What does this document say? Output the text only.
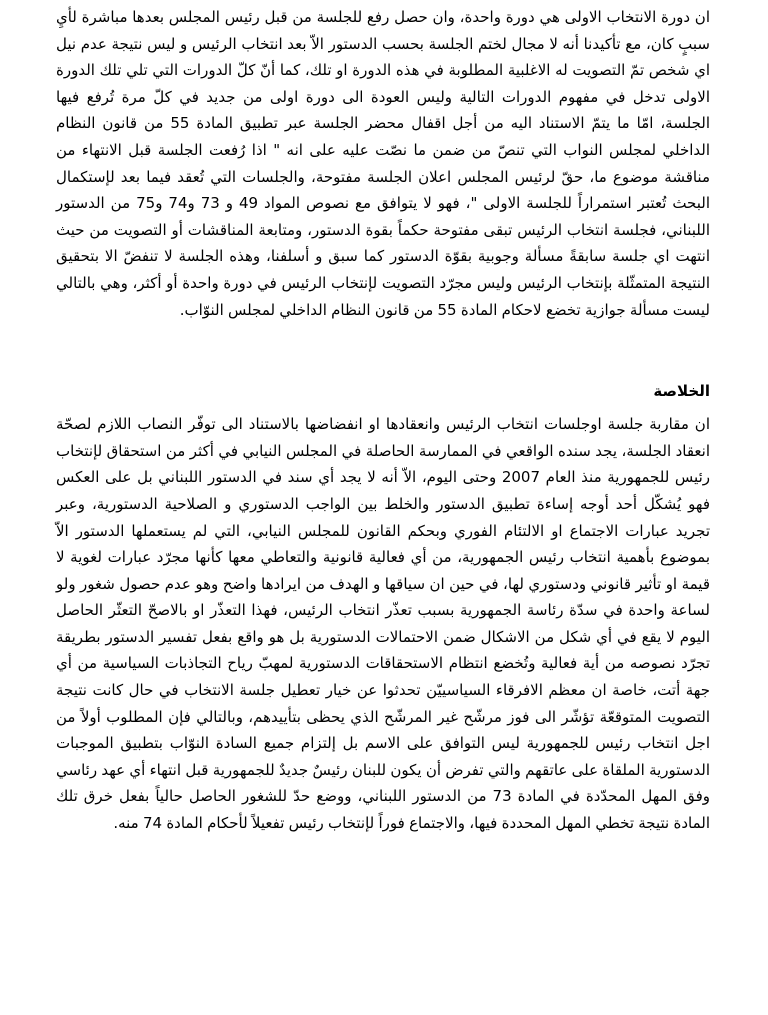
ان دورة الانتخاب الاولى هي دورة واحدة، وان حصل رفع للجلسة من قبل رئيس المجلس بعدها مباشرة لأيِ سببٍ كان، مع تأكيدنا أنه لا مجال لختم الجلسة بحسب الدستور الاّ بعد انتخاب الرئيس و ليس نتيجة عدم نيل اي شخص تمّ التصويت له الاغلبية المطلوبة في هذه الدورة او تلك، كما أنّ كلّ الدورات التي تلي تلك الدورة الاولى تدخل في مفهوم الدورات التالية وليس العودة الى دورة اولى من جديد في كلّ مرة تُرفع فيها الجلسة، امّا ما يتمّ الاستناد اليه من أجل اقفال محضر الجلسة عبر تطبيق المادة 55 من قانون النظام الداخلي لمجلس النواب التي تنصّ من ضمن ما نصّت عليه على انه " اذا رُفعت الجلسة قبل الانتهاء من مناقشة موضوع ما، حقّ لرئيس المجلس اعلان الجلسة مفتوحة، والجلسات التي تُعقد فيما بعد لإستكمال البحث تُعتبر استمراراً للجلسة الاولى "، فهو لا يتوافق مع نصوص المواد 49 و 73 و74 و75 من الدستور اللبناني، فجلسة انتخاب الرئيس تبقى مفتوحة حكماً بقوة الدستور، ومتابعة المناقشات أو التصويت من حيث انتهت اي جلسة سابقةً مسألة وجوبية بقوّة الدستور كما سبق و أسلفنا، وهذه الجلسة لا تنفضّ الا بتحقيق النتيجة المتمثّلة بإنتخاب الرئيس وليس مجرّد التصويت لإنتخاب الرئيس في دورة واحدة أو أكثر، وهي بالتالي ليست مسألة جوازية تخضع لاحكام المادة 55 من قانون النظام الداخلي لمجلس النوّاب.

الخلاصة

ان مقاربة جلسة اوجلسات انتخاب الرئيس وانعقادها او انفضاضها بالاستناد الى توفّر النصاب اللازم لصحّة انعقاد الجلسة، يجد سنده الواقعي في الممارسة الحاصلة في المجلس النيابي في أكثر من استحقاق لإنتخاب رئيس للجمهورية منذ العام 2007 وحتى اليوم، الاّ أنه لا يجد أي سند في الدستور اللبناني بل على العكس فهو يُشكّل أحد أوجه إساءة تطبيق الدستور والخلط بين الواجب الدستوري و الصلاحية الدستورية، وعبر تجريد عبارات الاجتماع او الالتئام الفوري وبحكم القانون للمجلس النيابي، التي لم يستعملها الدستور الاّ بموضوع بأهمية انتخاب رئيس الجمهورية، من أي فعالية قانونية والتعاطي معها كأنها مجرّد عبارات لغوية لا قيمة او تأثير قانوني ودستوري لها، في حين ان سياقها و الهدف من ايرادها واضح وهو عدم حصول شغور ولو لساعة واحدة في سدّة رئاسة الجمهورية بسبب تعذّر انتخاب الرئيس، فهذا التعذّر او بالاصحّ التعثّر الحاصل اليوم لا يقع في أي شكل من الاشكال ضمن الاحتمالات الدستورية بل هو واقع بفعل تفسير الدستور بطريقة تجرّد نصوصه من أية فعالية وتُخضع انتظام الاستحقاقات الدستورية لمهبّ رياح التجاذبات السياسية من أي جهة أتت، خاصة ان معظم الافرقاء السياسييّن تحدثوا عن خيار تعطيل جلسة الانتخاب في حال كانت نتيجة التصويت المتوقعّة تؤشّر الى فوز مرشّح غير المرشّح الذي يحظى بتأييدهم، وبالتالي فإن المطلوب أولاً من اجل انتخاب رئيس للجمهورية ليس التوافق على الاسم بل إلتزام جميع السادة النوّاب بتطبيق الموجبات الدستورية الملقاة على عاتقهم والتي تفرض أن يكون للبنان رئيسٌ جديدٌ للجمهورية قبل انتهاء أي عهد رئاسي وفق المهل المحدّدة في المادة 73 من الدستور اللبناني، ووضع حدّ للشغور الحاصل حالياً بفعل خرق تلك المادة نتيجة تخطي المهل المحددة فيها، والاجتماع فوراً لإنتخاب رئيس تفعيلاً لأحكام المادة 74 منه.
